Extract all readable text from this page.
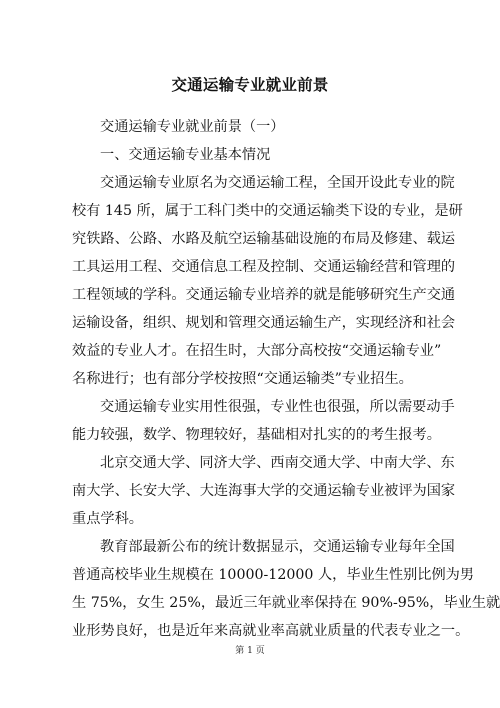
交通运输专业就业前景
交通运输专业就业前景（一）
一、交通运输专业基本情况
交通运输专业原名为交通运输工程，全国开设此专业的院
校有 145 所，属于工科门类中的交通运输类下设的专业，是研
究铁路、公路、水路及航空运输基础设施的布局及修建、载运
工具运用工程、交通信息工程及控制、交通运输经营和管理的
工程领域的学科。交通运输专业培养的就是能够研究生产交通
运输设备，组织、规划和管理交通运输生产，实现经济和社会
效益的专业人才。在招生时，大部分高校按“交通运输专业”
名称进行；也有部分学校按照“交通运输类”专业招生。
交通运输专业实用性很强，专业性也很强，所以需要动手
能力较强，数学、物理较好，基础相对扎实的的考生报考。
北京交通大学、同济大学、西南交通大学、中南大学、东
南大学、长安大学、大连海事大学的交通运输专业被评为国家
重点学科。
教育部最新公布的统计数据显示，交通运输专业每年全国
普通高校毕业生规模在 10000-12000 人，毕业生性别比例为男
生 75%，女生 25%，最近三年就业率保持在 90%-95%，毕业生就
业形势良好，也是近年来高就业率高就业质量的代表专业之一。
第 1 页
